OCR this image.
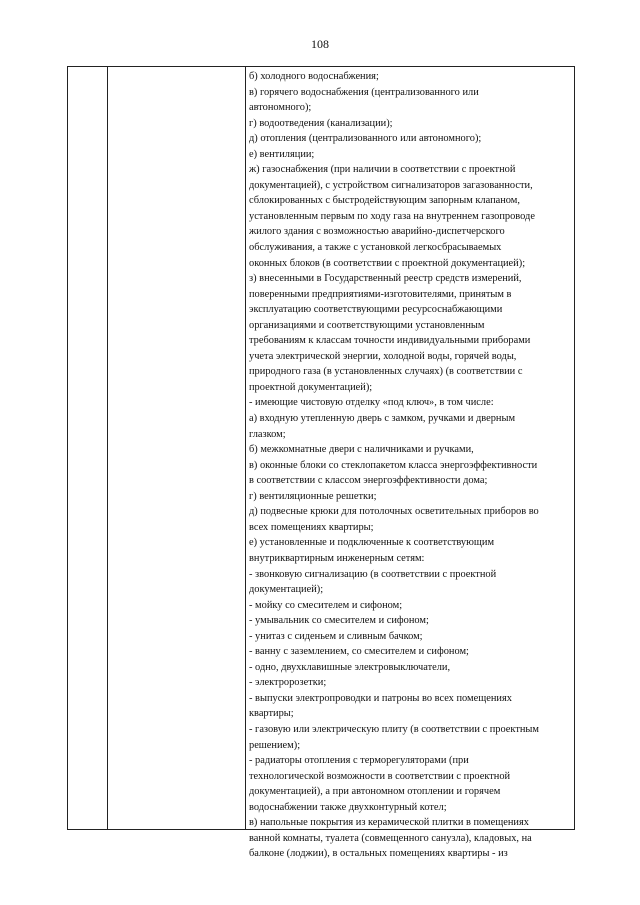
108
б) холодного водоснабжения;
в) горячего водоснабжения (централизованного или
автономного);
г) водоотведения (канализации);
д) отопления (централизованного или автономного);
е) вентиляции;
ж) газоснабжения (при наличии в соответствии с проектной
документацией), с устройством сигнализаторов загазованности,
сблокированных с быстродействующим запорным клапаном,
установленным первым по ходу газа на внутреннем газопроводе
жилого здания с возможностью аварийно-диспетчерского
обслуживания, а также с установкой легкосбрасываемых
оконных блоков (в соответствии с проектной документацией);
з) внесенными в Государственный реестр средств измерений,
поверенными предприятиями-изготовителями, принятым в
эксплуатацию соответствующими ресурсоснабжающими
организациями и соответствующими установленным
требованиям к классам точности индивидуальными приборами
учета электрической энергии, холодной воды, горячей воды,
природного газа (в установленных случаях) (в соответствии с
проектной документацией);
- имеющие чистовую отделку «под ключ», в том числе:
а) входную утепленную дверь с замком, ручками и дверным
глазком;
б) межкомнатные двери с наличниками и ручками,
в) оконные блоки со стеклопакетом класса энергоэффективности
в соответствии с классом энергоэффективности дома;
г) вентиляционные решетки;
д) подвесные крюки для потолочных осветительных приборов во
всех помещениях квартиры;
е) установленные и подключенные к соответствующим
внутриквартирным инженерным сетям:
- звонковую сигнализацию (в соответствии с проектной
документацией);
- мойку со смесителем и сифоном;
- умывальник со смесителем и сифоном;
- унитаз с сиденьем и сливным бачком;
- ванну с заземлением, со смесителем и сифоном;
- одно, двухклавишные электровыключатели,
- электророзетки;
- выпуски электропроводки и патроны во всех помещениях
квартиры;
- газовую или электрическую плиту (в соответствии с проектным
решением);
- радиаторы отопления с терморегуляторами (при
технологической возможности в соответствии с проектной
документацией), а при автономном отоплении и горячем
водоснабжении также двухконтурный котел;
в) напольные покрытия из керамической плитки в помещениях
ванной комнаты, туалета (совмещенного санузла), кладовых, на
балконе (лоджии), в остальных помещениях квартиры - из
